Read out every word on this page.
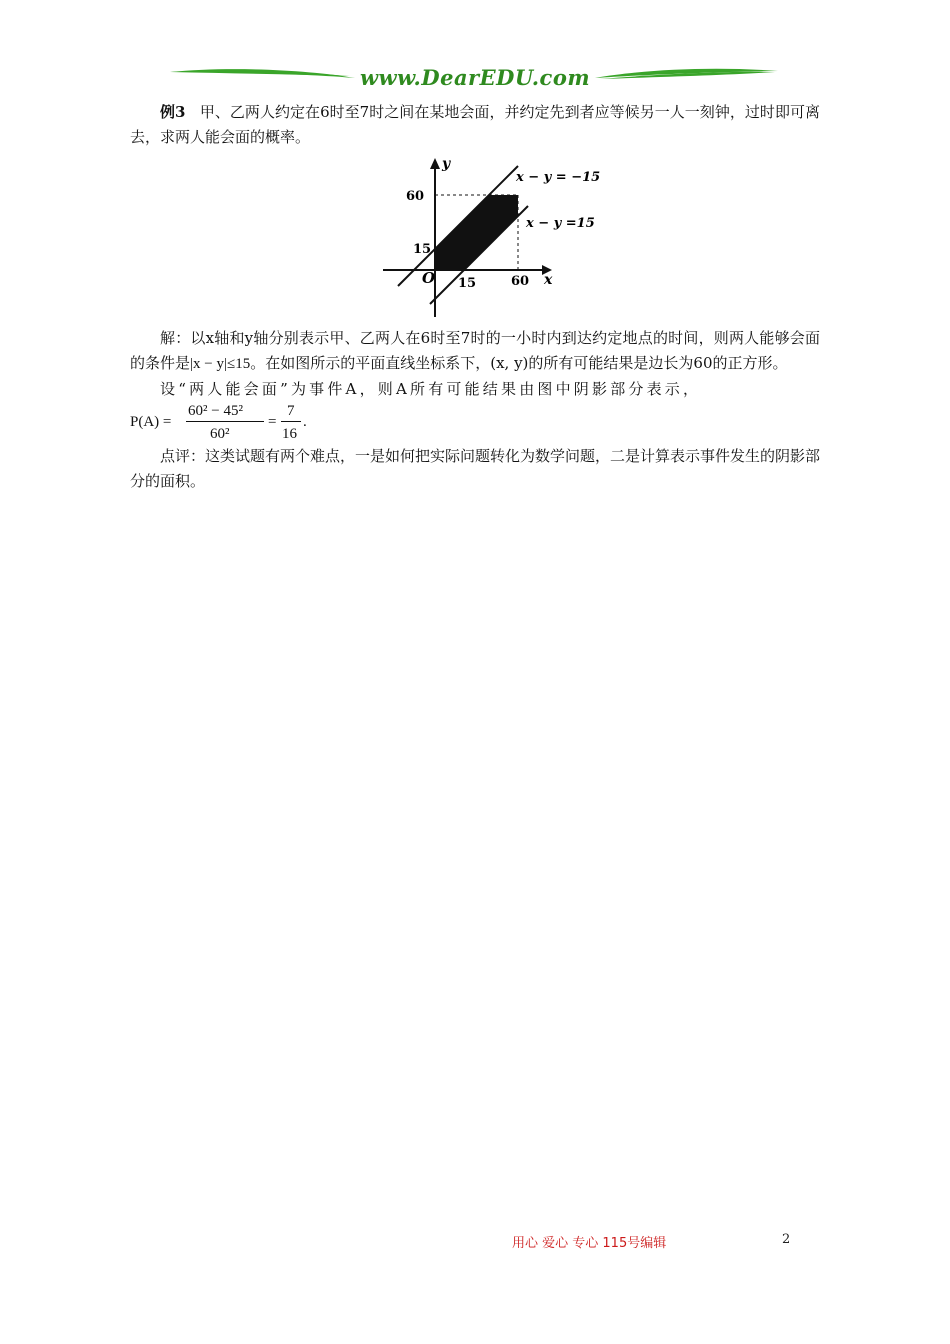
www.DearEDU.com

例3 甲、乙两人约定在6时至7时之间在某地会面，并约定先到者应等候另一人一刻钟，过时即可离去，求两人能会面的概率。

y
x
O
60
15
15	60
x − y = −15
x − y =15

解：以x轴和y轴分别表示甲、乙两人在6时至7时的一小时内到达约定地点的时间，则两人能够会面的条件是|x − y|≤15。在如图所示的平面直线坐标系下，(x, y)的所有可能结果是边长为60的正方形。

设“两人能会面”为事件A，则A所有可能结果由图中阴影部分表示，

P(A) =
60² − 45²
60²
=
7
16
.

点评：这类试题有两个难点，一是如何把实际问题转化为数学问题，二是计算表示事件发生的阴影部分的面积。

用心 爱心 专心 115号编辑	2
